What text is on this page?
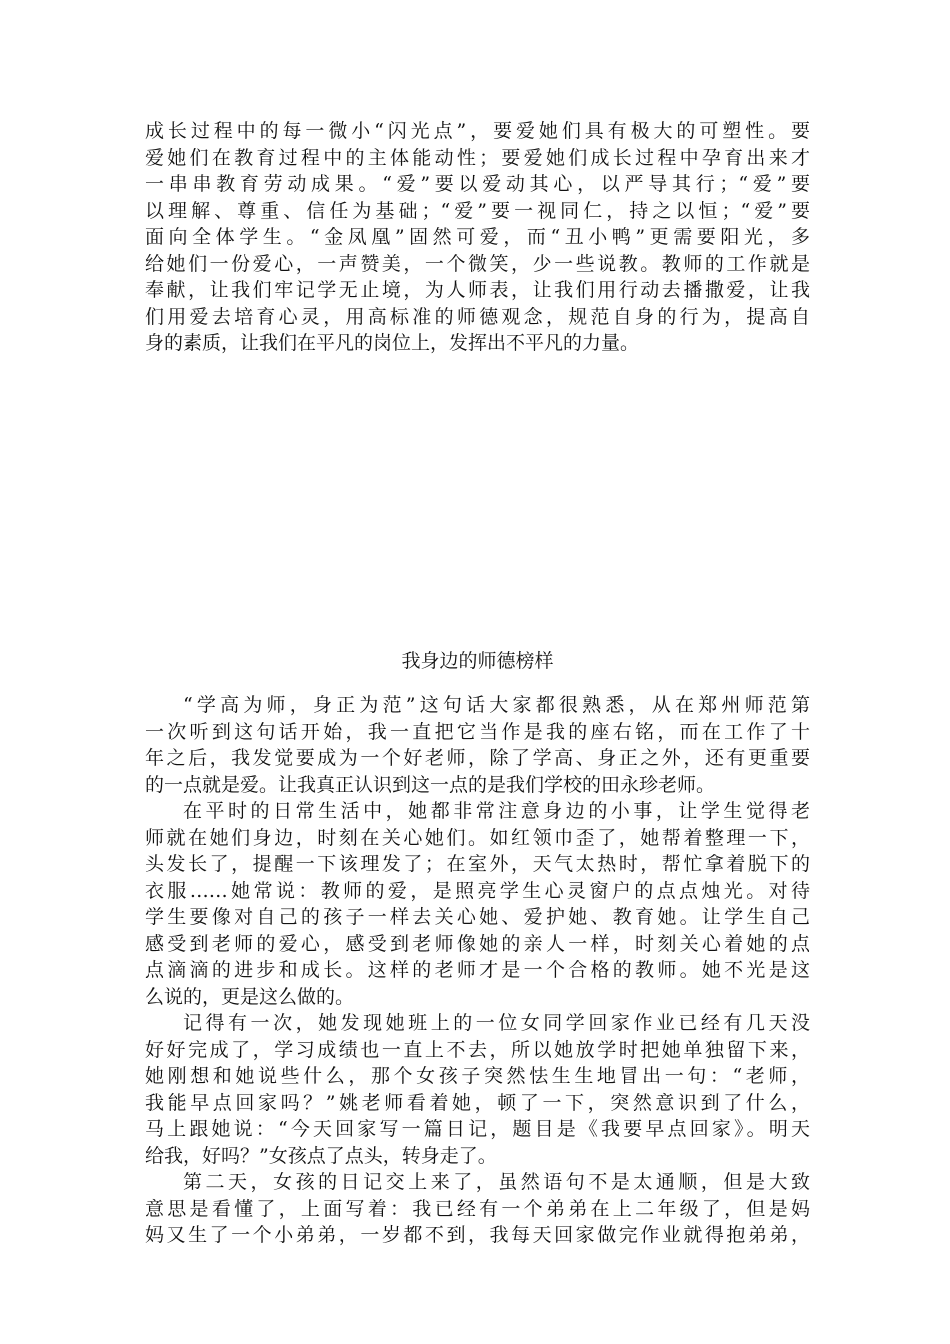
成长过程中的每一微小“闪光点”，要爱她们具有极大的可塑性。要
爱她们在教育过程中的主体能动性；要爱她们成长过程中孕育出来才
一串串教育劳动成果。“爱”要以爱动其心，以严导其行；“爱”要
以理解、尊重、信任为基础；“爱”要一视同仁，持之以恒；“爱”要
面向全体学生。“金凤凰”固然可爱，而“丑小鸭”更需要阳光，多
给她们一份爱心，一声赞美，一个微笑，少一些说教。教师的工作就是
奉献，让我们牢记学无止境，为人师表，让我们用行动去播撒爱，让我
们用爱去培育心灵，用高标准的师德观念，规范自身的行为，提高自
身的素质，让我们在平凡的岗位上，发挥出不平凡的力量。
我身边的师德榜样
“学高为师，身正为范”这句话大家都很熟悉，从在郑州师范第
一次听到这句话开始，我一直把它当作是我的座右铭，而在工作了十
年之后，我发觉要成为一个好老师，除了学高、身正之外，还有更重要
的一点就是爱。让我真正认识到这一点的是我们学校的田永珍老师。
在平时的日常生活中，她都非常注意身边的小事，让学生觉得老
师就在她们身边，时刻在关心她们。如红领巾歪了，她帮着整理一下，
头发长了，提醒一下该理发了；在室外，天气太热时，帮忙拿着脱下的
衣服……她常说：教师的爱，是照亮学生心灵窗户的点点烛光。对待
学生要像对自己的孩子一样去关心她、爱护她、教育她。让学生自己
感受到老师的爱心，感受到老师像她的亲人一样，时刻关心着她的点
点滴滴的进步和成长。这样的老师才是一个合格的教师。她不光是这
么说的，更是这么做的。
记得有一次，她发现她班上的一位女同学回家作业已经有几天没
好好完成了，学习成绩也一直上不去，所以她放学时把她单独留下来，
她刚想和她说些什么，那个女孩子突然怯生生地冒出一句：“老师，
我能早点回家吗？”姚老师看着她，顿了一下，突然意识到了什么，
马上跟她说：“今天回家写一篇日记，题目是《我要早点回家》。明天
给我，好吗？”女孩点了点头，转身走了。
第二天，女孩的日记交上来了，虽然语句不是太通顺，但是大致
意思是看懂了，上面写着：我已经有一个弟弟在上二年级了，但是妈
妈又生了一个小弟弟，一岁都不到，我每天回家做完作业就得抱弟弟，
